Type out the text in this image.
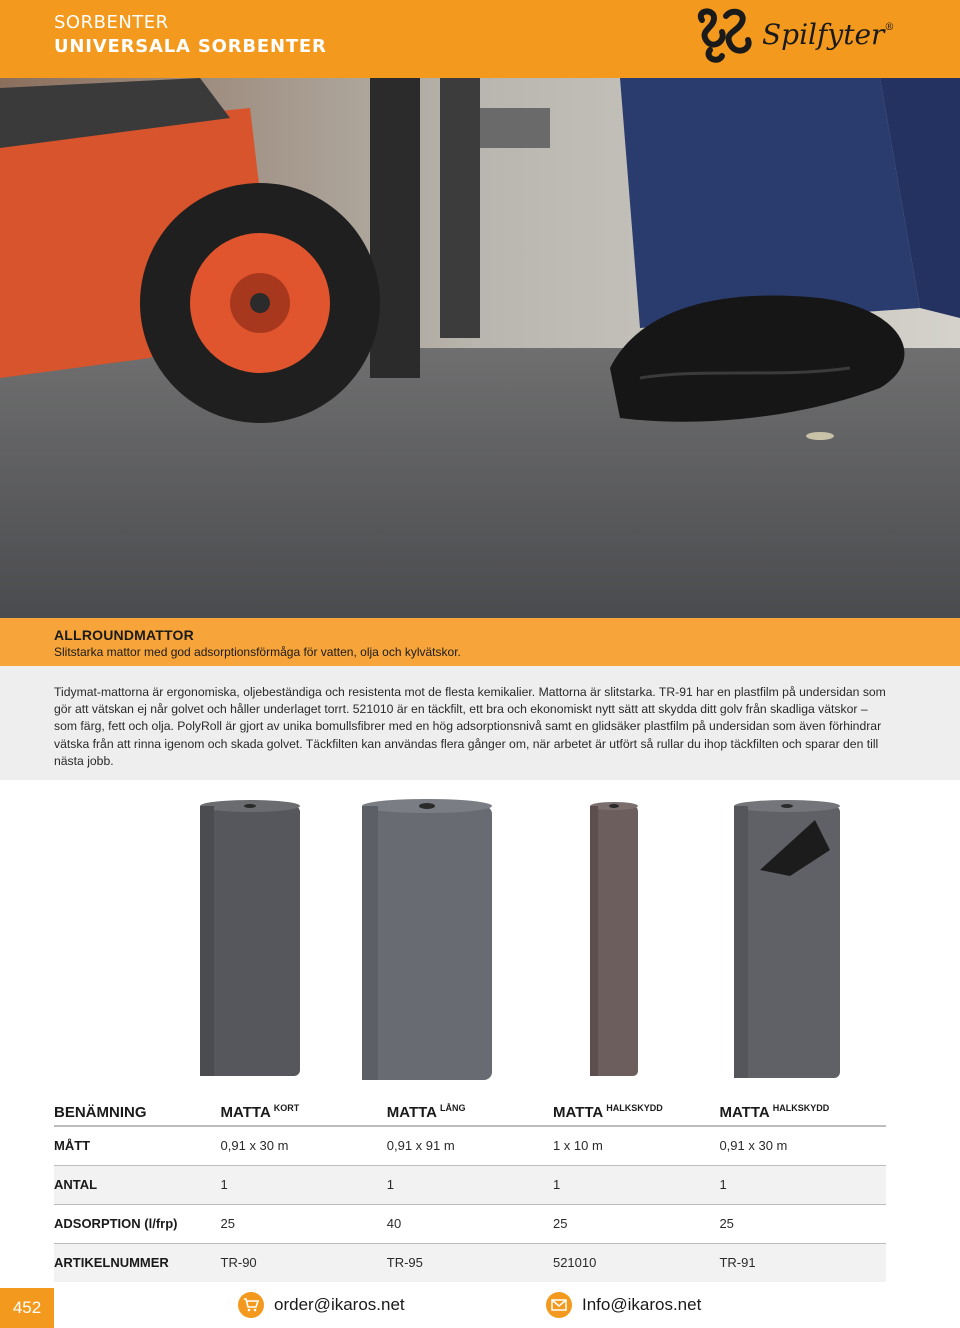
SORBENTER
UNIVERSALA SORBENTER	Spilfyter®
ALLROUNDMATTOR
Slitstarka mattor med god adsorptionsförmåga för vatten, olja och kylvätskor.
Tidymat-mattorna är ergonomiska, oljebeständiga och resistenta mot de flesta kemikalier. Mattorna är slitstarka. TR-91 har en plastfilm på undersidan som gör att vätskan ej når golvet och håller underlaget torrt. 521010 är en täckfilt, ett bra och ekonomiskt nytt sätt att skydda ditt golv från skadliga vätskor – som färg, fett och olja. PolyRoll är gjort av unika bomullsfibrer med en hög adsorptionsnivå samt en glidsäker plastfilm på undersidan som även förhindrar vätska från att rinna igenom och skada golvet. Täckfilten kan användas flera gånger om, när arbetet är utfört så rullar du ihop täckfilten och sparar den till nästa jobb.
BENÄMNING	MATTA $^{KORT}$	MATTA $^{LÅNG}$	MATTA $^{HALKSKYDD}$	MATTA $^{HALKSKYDD}$
MÅTT	0,91 x 30 m	0,91 x 91 m	1 x 10 m	0,91 x 30 m
ANTAL	1	1	1	1
ADSORPTION (l/frp)	25	40	25	25
ARTIKELNUMMER	TR-90	TR-95	521010	TR-91
452	order@ikaros.net	Info@ikaros.net
